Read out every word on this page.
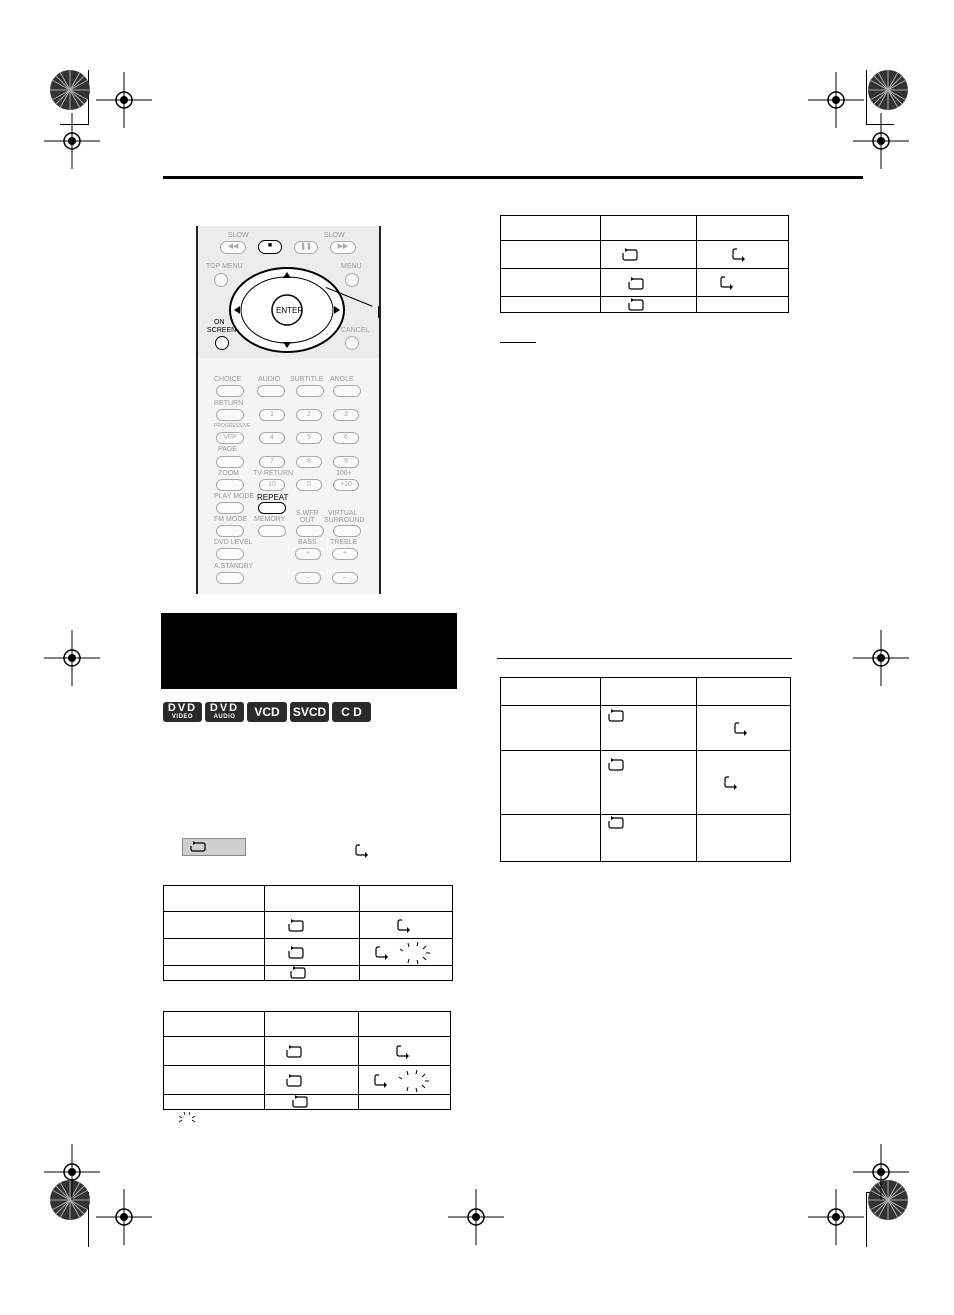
SLOW	SLOW
◀◀	■	❚❚	▶▶
TOP MENU	MENU
ENTER
ON
SCREEN	CANCEL
CHOICE AUDIO SUBTITLE ANGLE
RETURN
1	2	3
PROGRESSIVE
VFP	4	5	6
PAGE
7	8	9
ZOOM TV RETURN	100+
10	0	+10
PLAY MODE REPEAT
FM MODE MEMORY
S.WFR
OUT
VIRTUAL
SURROUND
DVD LEVEL	BASS TREBLE
+	+
A.STANDBY
–	–
DVD
VIDEO
DVD
AUDIO	VCD	SVCD	C D
